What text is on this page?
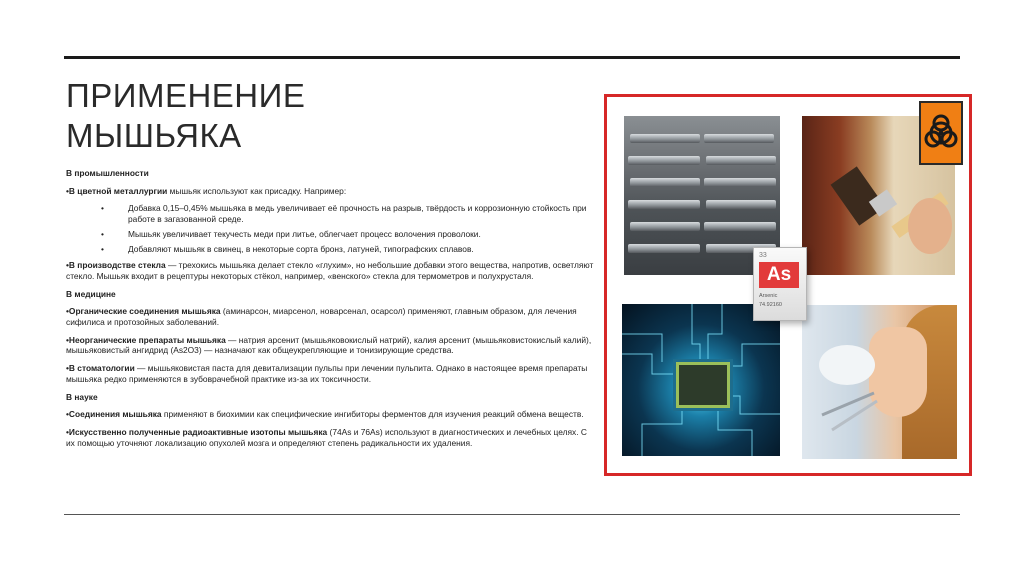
ПРИМЕНЕНИЕ
МЫШЬЯКА

В промышленности

•В цветной металлургии мышьяк используют как присадку. Например:

• Добавка 0,15–0,45% мышьяка в медь увеличивает её прочность на разрыв, твёрдость и коррозионную стойкость при работе в загазованной среде.
• Мышьяк увеличивает текучесть меди при литье, облегчает процесс волочения проволоки.
• Добавляют мышьяк в свинец, в некоторые сорта бронз, латуней, типографских сплавов.

•В производстве стекла — трехокись мышьяка делает стекло «глухим», но небольшие добавки этого вещества, напротив, осветляют стекло. Мышьяк входит в рецептуры некоторых стёкол, например, «венского» стекла для термометров и полухрусталя.

В медицине

•Органические соединения мышьяка (аминарсон, миарсенол, новарсенал, осарсол) применяют, главным образом, для лечения сифилиса и протозойных заболеваний.

•Неорганические препараты мышьяка — натрия арсенит (мышьяковокислый натрий), калия арсенит (мышьяковистокислый калий), мышьяковистый ангидрид (As2O3) — назначают как общеукрепляющие и тонизирующие средства.

•В стоматологии — мышьяковистая паста для девитализации пульпы при лечении пульпита. Однако в настоящее время препараты мышьяка редко применяются в зубоврачебной практике из-за их токсичности.

В науке

•Соединения мышьяка применяют в биохимии как специфические ингибиторы ферментов для изучения реакций обмена веществ.

•Искусственно полученные радиоактивные изотопы мышьяка (74As и 76As) используют в диагностических и лечебных целях. С их помощью уточняют локализацию опухолей мозга и определяют степень радикальности их удаления.

33
As
Arsenic
74.92160
